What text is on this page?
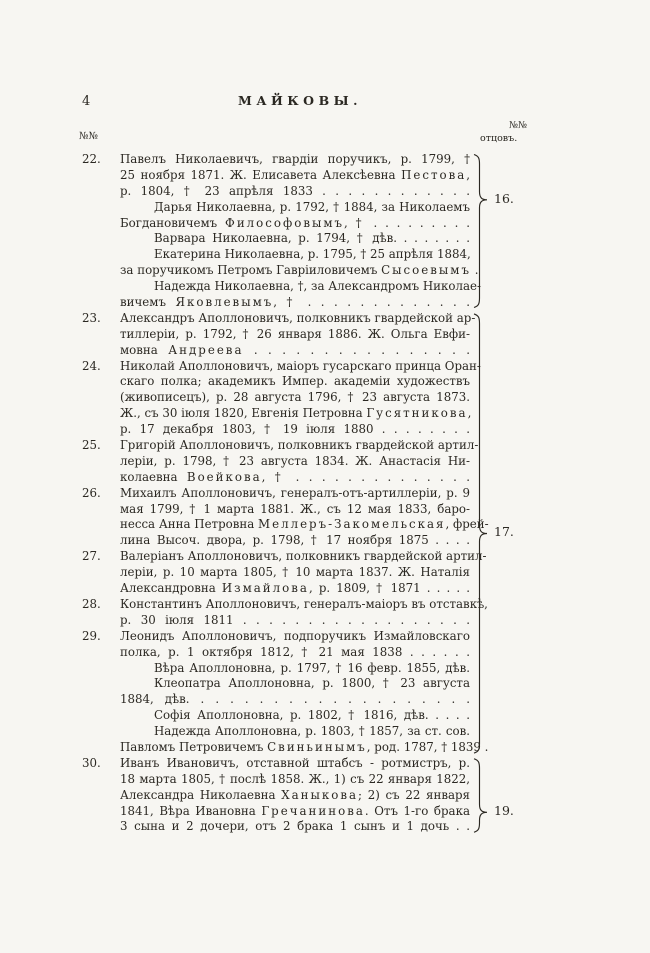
4	МАЙКОВЫ.
№№
№№
отцовъ.
22.	Павелъ Николаевичъ, гвардіи поручикъ, р. 1799, †
25 ноября 1871. Ж. Елисавета Алексѣевна Пестова,
р. 1804, † 23 апрѣля 1833 . . . . . . . . . . . .
Дарья Николаевна, р. 1792, † 1884, за Николаемъ
Богдановичемъ Философовымъ, † . . . . . . . . .
Варвара Николаевна, р. 1794, † дѣв. . . . . . . .
Екатерина Николаевна, р. 1795, † 25 апрѣля 1884,
за поручикомъ Петромъ Гавріиловичемъ Сысоевымъ .
Надежда Николаевна, †, за Александромъ Николае-
вичемъ Яковлевымъ, † . . . . . . . . . . . . .
23.	Александръ Аполлоновичъ, полковникъ гвардейской ар-
тиллеріи, р. 1792, † 26 января 1886. Ж. Ольга Евфи-
мовна Андреева . . . . . . . . . . . . . . . .
24.	Николай Аполлоновичъ, маіоръ гусарскаго принца Оран-
скаго полка; академикъ Импер. академіи художествъ
(живописецъ), р. 28 августа 1796, † 23 августа 1873.
Ж., съ 30 іюля 1820, Евгенія Петровна Гусятникова,
р. 17 декабря 1803, † 19 іюля 1880 . . . . . . . .
25.	Григорій Аполлоновичъ, полковникъ гвардейской артил-
леріи, р. 1798, † 23 августа 1834. Ж. Анастасія Ни-
колаевна Воейкова, † . . . . . . . . . . . . . .
26.	Михаилъ Аполлоновичъ, генералъ-отъ-артиллеріи, р. 9
мая 1799, † 1 марта 1881. Ж., съ 12 мая 1833, баро-
несса Анна Петровна Меллеръ-Закомельская, фрей-
лина Высоч. двора, р. 1798, † 17 ноября 1875 . . . .
27.	Валеріанъ Аполлоновичъ, полковникъ гвардейской артил-
леріи, р. 10 марта 1805, † 10 марта 1837. Ж. Наталія
Александровна Измайлова, р. 1809, † 1871 . . . . .
28.	Константинъ Аполлоновичъ, генералъ-маіоръ въ отставкѣ,
р. 30 іюля 1811 . . . . . . . . . . . . . . . . . .
29.	Леонидъ Аполлоновичъ, подпоручикъ Измайловскаго
полка, р. 1 октября 1812, † 21 мая 1838 . . . . . .
Вѣра Аполлоновна, р. 1797, † 16 февр. 1855, дѣв.
Клеопатра Аполлоновна, р. 1800, † 23 августа
1884, дѣв. . . . . . . . . . . . . . . . . . . .
Софія Аполлоновна, р. 1802, † 1816, дѣв. . . . .
Надежда Аполлоновна, р. 1803, † 1857, за ст. сов.
Павломъ Петровичемъ Свиньинымъ, род. 1787, † 1839 .
30.	Иванъ Ивановичъ, отставной штабсъ - ротмистръ, р.
18 марта 1805, † послѣ 1858. Ж., 1) съ 22 января 1822,
Александра Николаевна Ханыкова; 2) съ 22 января
1841, Вѣра Ивановна Гречанинова. Отъ 1-го брака
3 сына и 2 дочери, отъ 2 брака 1 сынъ и 1 дочь . .
16.
17.
19.
